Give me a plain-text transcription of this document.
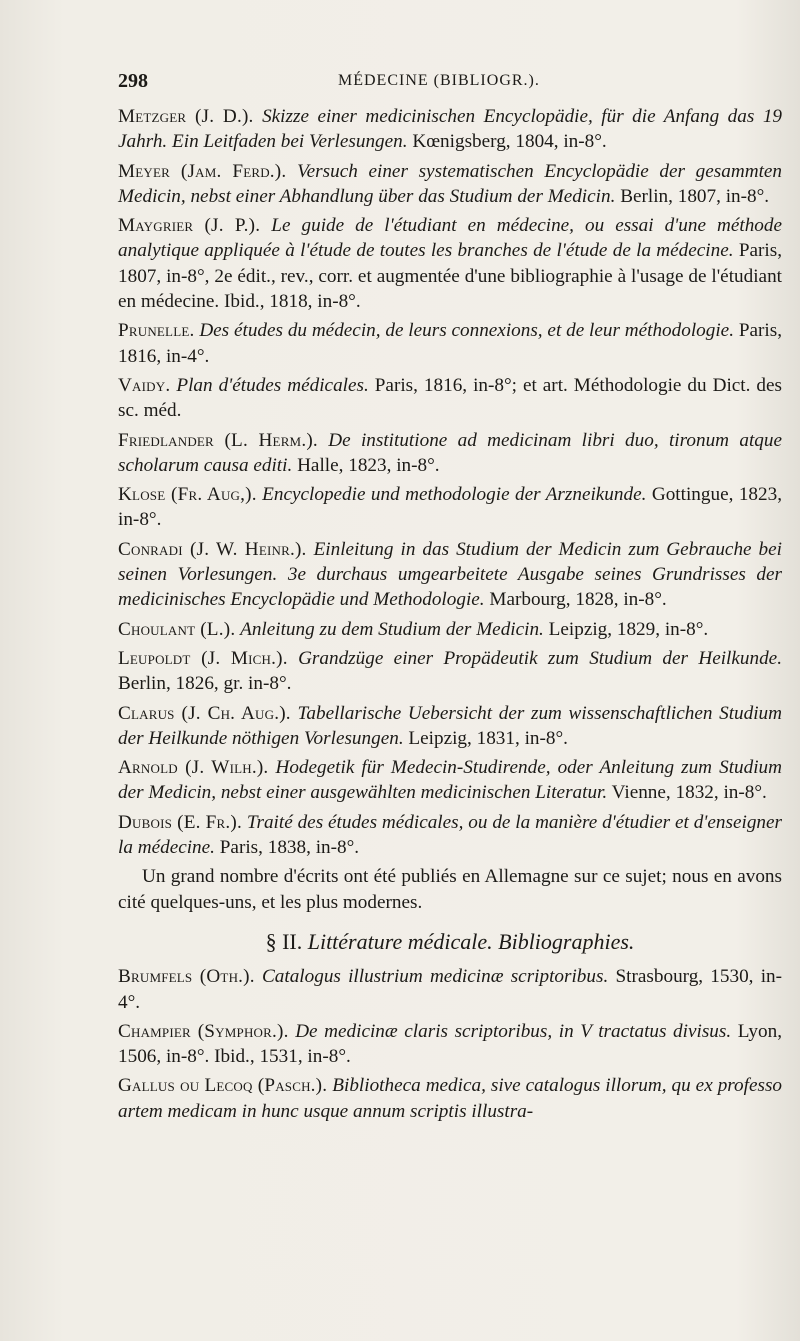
298	MÉDECINE (BIBLIOGR.).

Metzger (J. D.). Skizze einer medicinischen Encyclopädie, für die Anfang das 19 Jahrh. Ein Leitfaden bei Verlesungen. Kœnigsberg, 1804, in-8°.

Meyer (Jam. Ferd.). Versuch einer systematischen Encyclopädie der gesammten Medicin, nebst einer Abhandlung über das Studium der Medicin. Berlin, 1807, in-8°.

Maygrier (J. P.). Le guide de l'étudiant en médecine, ou essai d'une méthode analytique appliquée à l'étude de toutes les branches de l'étude de la médecine. Paris, 1807, in-8°, 2e édit., rev., corr. et augmentée d'une bibliographie à l'usage de l'étudiant en médecine. Ibid., 1818, in-8°.

Prunelle. Des études du médecin, de leurs connexions, et de leur méthodologie. Paris, 1816, in-4°.

Vaidy. Plan d'études médicales. Paris, 1816, in-8°; et art. Méthodologie du Dict. des sc. méd.

Friedlander (L. Herm.). De institutione ad medicinam libri duo, tironum atque scholarum causa editi. Halle, 1823, in-8°.

Klose (Fr. Aug,). Encyclopedie und methodologie der Arzneikunde. Gottingue, 1823, in-8°.

Conradi (J. W. Heinr.). Einleitung in das Studium der Medicin zum Gebrauche bei seinen Vorlesungen. 3e durchaus umgearbeitete Ausgabe seines Grundrisses der medicinisches Encyclopädie und Methodologie. Marbourg, 1828, in-8°.

Choulant (L.). Anleitung zu dem Studium der Medicin. Leipzig, 1829, in-8°.

Leupoldt (J. Mich.). Grandzüge einer Propädeutik zum Studium der Heilkunde. Berlin, 1826, gr. in-8°.

Clarus (J. Ch. Aug.). Tabellarische Uebersicht der zum wissenschaftlichen Studium der Heilkunde nöthigen Vorlesungen. Leipzig, 1831, in-8°.

Arnold (J. Wilh.). Hodegetik für Medecin-Studirende, oder Anleitung zum Studium der Medicin, nebst einer ausgewählten medicinischen Literatur. Vienne, 1832, in-8°.

Dubois (E. Fr.). Traité des études médicales, ou de la manière d'étudier et d'enseigner la médecine. Paris, 1838, in-8°.

Un grand nombre d'écrits ont été publiés en Allemagne sur ce sujet; nous en avons cité quelques-uns, et les plus modernes.

§ II. Littérature médicale. Bibliographies.

Brumfels (Oth.). Catalogus illustrium medicinæ scriptoribus. Strasbourg, 1530, in-4°.

Champier (Symphor.). De medicinæ claris scriptoribus, in V tractatus divisus. Lyon, 1506, in-8°. Ibid., 1531, in-8°.

Gallus ou Lecoq (Pasch.). Bibliotheca medica, sive catalogus illorum, qu ex professo artem medicam in hunc usque annum scriptis illustra-
